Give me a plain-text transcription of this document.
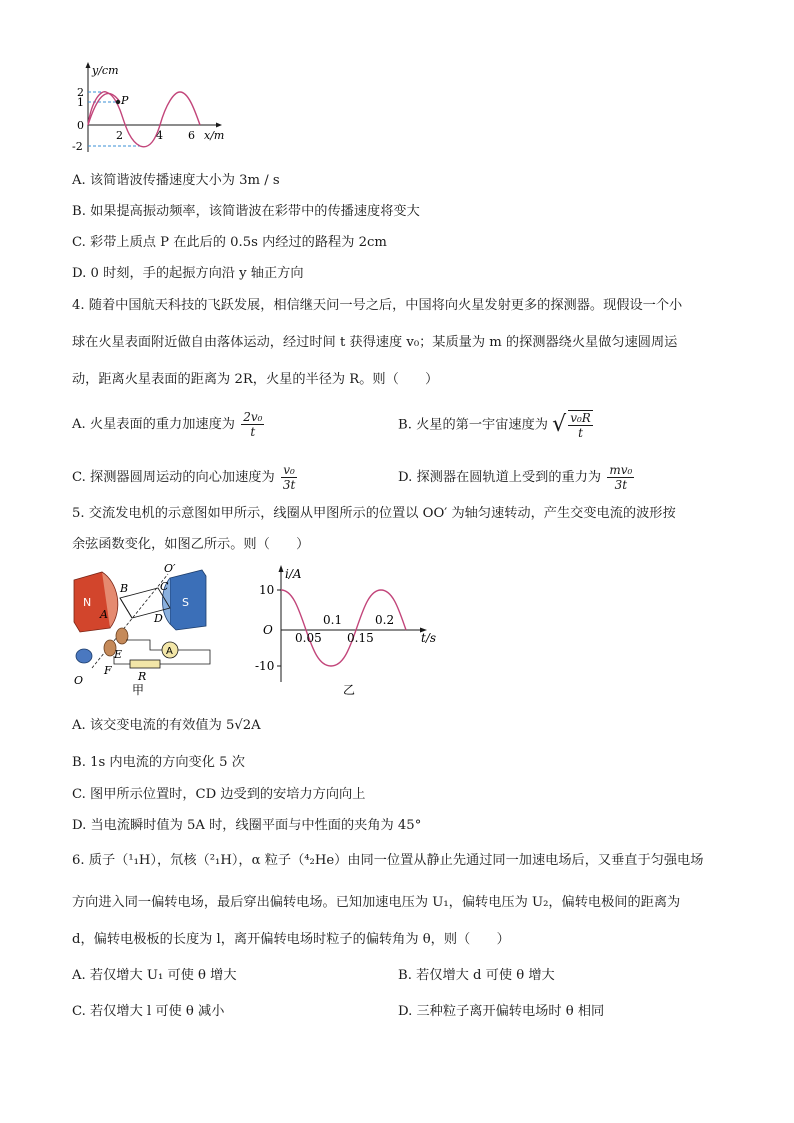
y/cm
2
1
0
-2
2	4 6 x/m
P
A. 该简谐波传播速度大小为 3m / s
B. 如果提高振动频率，该简谐波在彩带中的传播速度将变大
C. 彩带上质点 P 在此后的 0.5s 内经过的路程为 2cm
D. 0 时刻，手的起振方向沿 y 轴正方向
4. 随着中国航天科技的飞跃发展，相信继天问一号之后，中国将向火星发射更多的探测器。现假设一个小
球在火星表面附近做自由落体运动，经过时间 t 获得速度 v₀；某质量为 m 的探测器绕火星做匀速圆周运
动，距离火星表面的距离为 2R，火星的半径为 R。则（　　）
A. 火星表面的重力加速度为 $\frac{\text{2v₀}}{t}$	B. 火星的第一宇宙速度为 √ $\frac{\text{v₀R}}{t}$
C. 探测器圆周运动的向心加速度为 $\frac{\text{v₀}}{3t}$	D. 探测器在圆轨道上受到的重力为 $\frac{\text{mv₀}}{3t}$
5. 交流发电机的示意图如甲所示，线圈从甲图所示的位置以 OO′ 为轴匀速转动，产生交变电流的波形按
余弦函数变化，如图乙所示。则（　　）
N	S
B	C
A	D
E
F R
A
O
O′
甲
i/A
10
O
-10
0.1	0.2
0.05 0.15	t/s
乙
A. 该交变电流的有效值为 5√2A
B. 1s 内电流的方向变化 5 次
C. 图甲所示位置时，CD 边受到的安培力方向向上
D. 当电流瞬时值为 5A 时，线圈平面与中性面的夹角为 45°
6. 质子（¹₁H），氘核（²₁H），α 粒子（⁴₂He）由同一位置从静止先通过同一加速电场后，又垂直于匀强电场
方向进入同一偏转电场，最后穿出偏转电场。已知加速电压为 U₁，偏转电压为 U₂，偏转电极间的距离为
d，偏转电极板的长度为 l，离开偏转电场时粒子的偏转角为 θ，则（　　）
A. 若仅增大 U₁ 可使 θ 增大	B. 若仅增大 d 可使 θ 增大
C. 若仅增大 l 可使 θ 减小	D. 三种粒子离开偏转电场时 θ 相同
